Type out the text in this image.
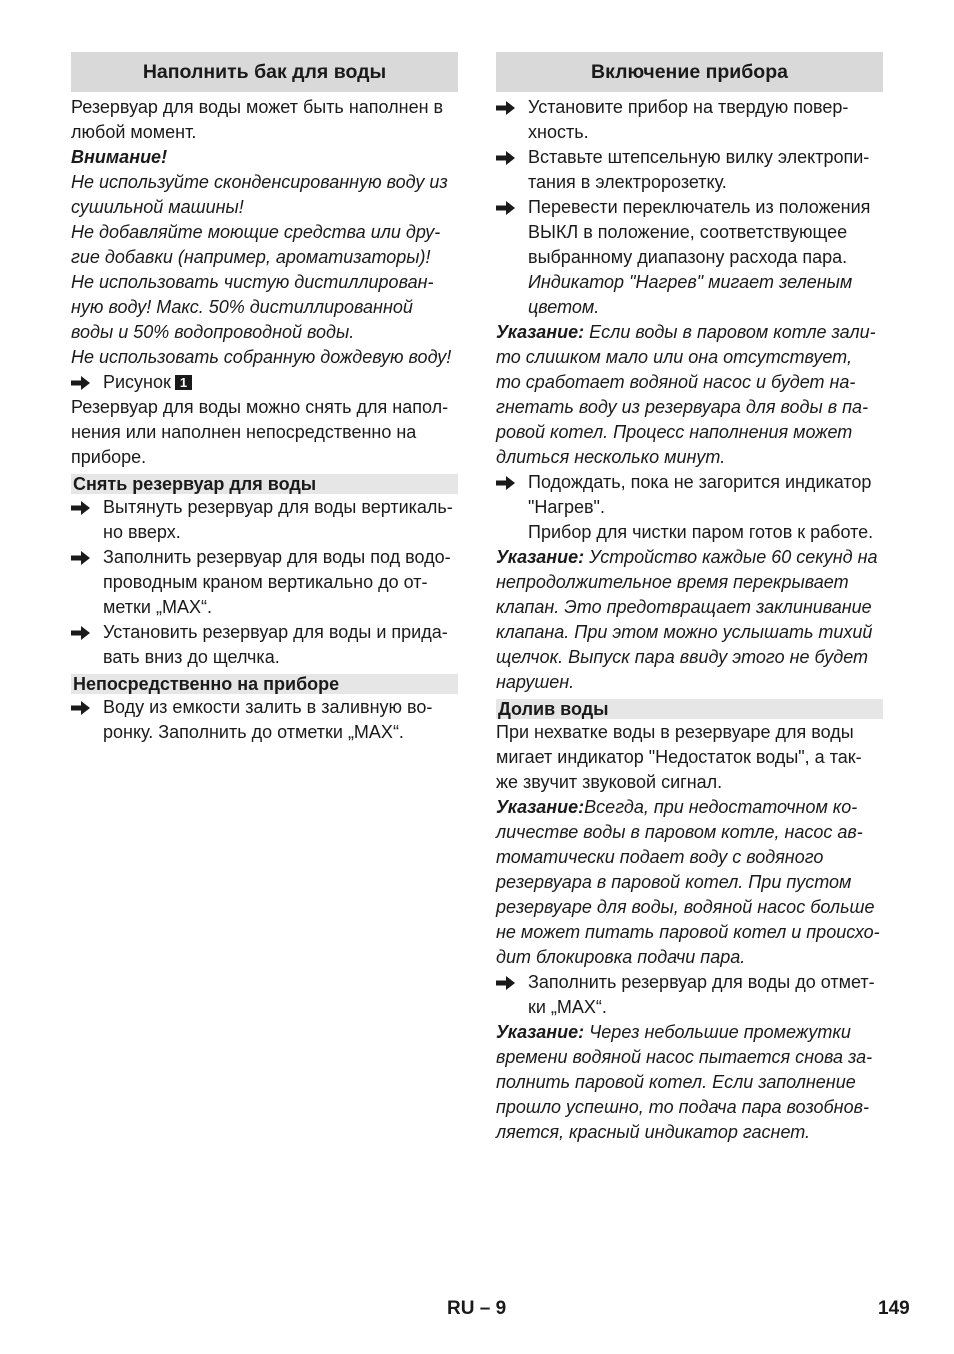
Наполнить бак для воды
Резервуар для воды может быть наполнен в
любой момент.
Внимание!
Не используйте сконденсированную воду из
сушильной машины!
Не добавляйте моющие средства или дру-
гие добавки (например, ароматизаторы)!
Не использовать чистую дистиллирован-
ную воду! Макс. 50% дистиллированной
воды и 50% водопроводной воды.
Не использовать собранную дождевую воду!
Рисунок 1
Резервуар для воды можно снять для напол-
нения или наполнен непосредственно на
приборе.
Снять резервуар для воды
Вытянуть резервуар для воды вертикаль-
но вверх.
Заполнить резервуар для воды под водо-
проводным краном вертикально до от-
метки „MAX“.
Установить резервуар для воды и прида-
вать вниз до щелчка.
Непосредственно на приборе
Воду из емкости залить в заливную во-
ронку. Заполнить до отметки „MAX“.
Включение прибора
Установите прибор на твердую повер-
хность.
Вставьте штепсельную вилку электропи-
тания в электророзетку.
Перевести переключатель из положения
ВЫКЛ в положение, соответствующее
выбранному диапазону расхода пара.
Индикатор "Нагрев" мигает зеленым
цветом.
Указание: Если воды в паровом котле зали-
то слишком мало или она отсутствует,
то сработает водяной насос и будет на-
гнетать воду из резервуара для воды в па-
ровой котел. Процесс наполнения может
длиться несколько минут.
Подождать, пока не загорится индикатор
"Нагрев".
Прибор для чистки паром готов к работе.
Указание: Устройство каждые 60 секунд на
непродолжительное время перекрывает
клапан. Это предотвращает заклинивание
клапана. При этом можно услышать тихий
щелчок. Выпуск пара ввиду этого не будет
нарушен.
Долив воды
При нехватке воды в резервуаре для воды
мигает индикатор "Недостаток воды", а так-
же звучит звуковой сигнал.
Указание:Всегда, при недостаточном ко-
личестве воды в паровом котле, насос ав-
томатически подает воду с водяного
резервуара в паровой котел. При пустом
резервуаре для воды, водяной насос больше
не может питать паровой котел и происхо-
дит блокировка подачи пара.
Заполнить резервуар для воды до отмет-
ки „MAX“.
Указание: Через небольшие промежутки
времени водяной насос пытается снова за-
полнить паровой котел. Если заполнение
прошло успешно, то подача пара возобнов-
ляется, красный индикатор гаснет.
RU – 9	149
